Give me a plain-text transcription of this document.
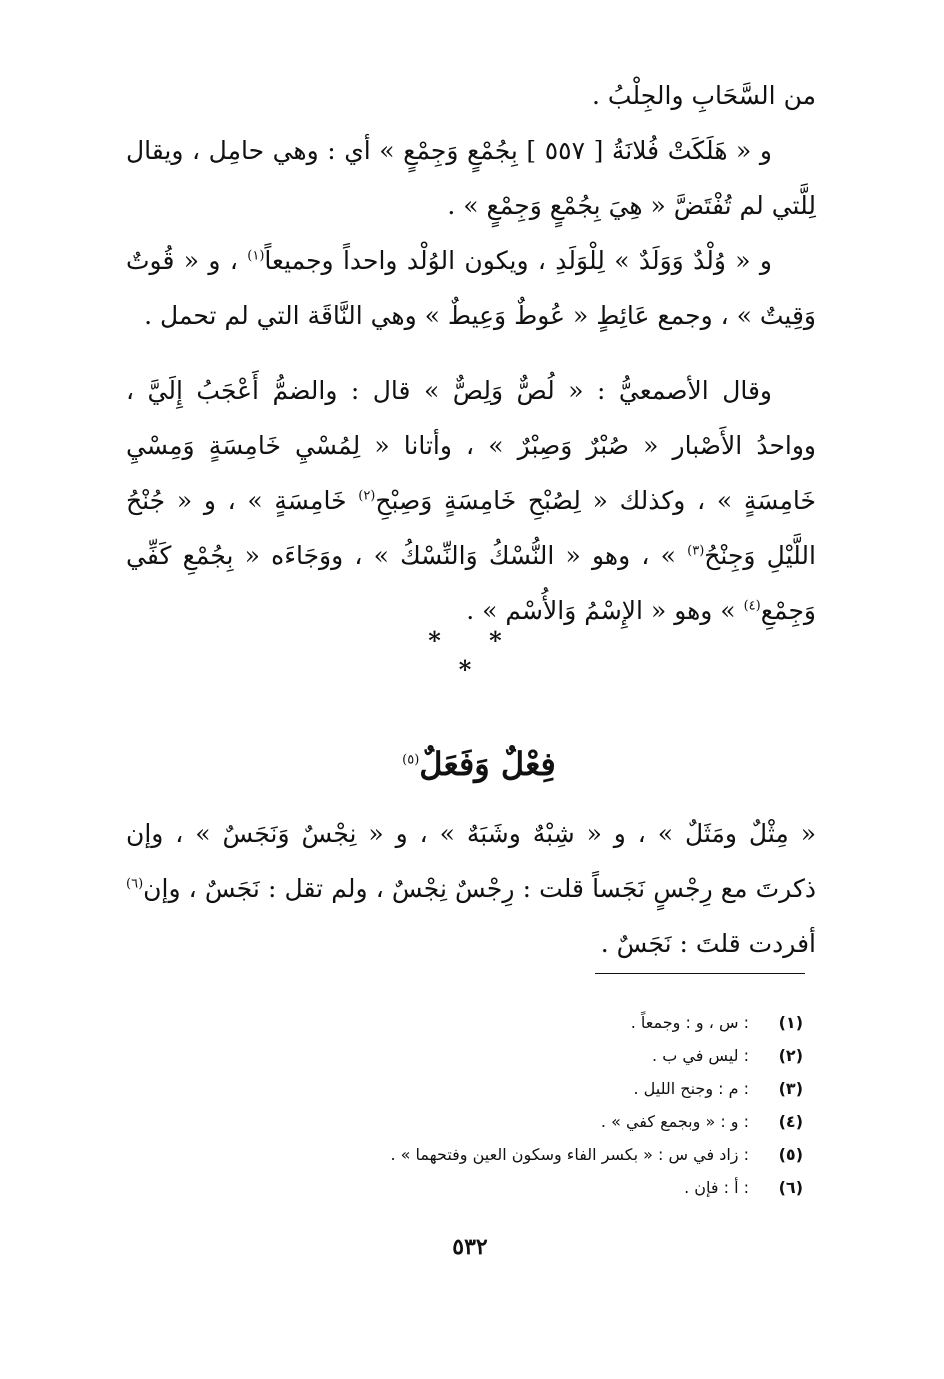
من السَّحَابِ والجِلْبُ .

و « هَلَكَتْ فُلانَةُ [ ٥٥٧ ] بِجُمْعٍ وَجِمْعٍ » أي : وهي حامِل ، ويقال لِلَّتي لم تُفْتَضَّ « هِيَ بِجُمْعٍ وَجِمْعٍ » .

و « وُلْدٌ وَوَلَدٌ » لِلْوَلَدِ ، ويكون الوُلْد واحداً وجميعاً$^{(١)}$ ، و « قُوتٌ وَقِيتٌ » ، وجمع عَائِطٍ « عُوطٌ وَعِيطٌ » وهي النَّاقَة التي لم تحمل .

وقال الأصمعيُّ : « لُصٌّ وَلِصٌّ » قال : والضمُّ أَعْجَبُ إِلَيَّ ، وواحدُ الأَصْبار « صُبْرٌ وَصِبْرٌ » ، وأتانا « لِمُسْيِ خَامِسَةٍ وَمِسْيِ خَامِسَةٍ » ، وكذلك « لِصُبْحِ خَامِسَةٍ وَصِبْحِ$^{(٢)}$ خَامِسَةٍ » ، و « جُنْحُ اللَّيْلِ وَجِنْحُ$^{(٣)}$ » ، وهو « النُّسْكُ وَالنِّسْكُ » ، ووَجَاءَه « بِجُمْعِ كَفِّي وَجِمْعِ$^{(٤)}$ » وهو « الإِسْمُ وَالأُسْم » .

* * *
فِعْلٌ وَفَعَلٌ$^{(٥)}$

« مِثْلٌ ومَثَلٌ » ، و « شِبْهٌ وشَبَهٌ » ، و « نِجْسٌ وَنَجَسٌ » ، وإن ذكرتَ مع رِجْسٍ نَجَساً قلت : رِجْسٌ نِجْسٌ ، ولم تقل : نَجَسٌ ، وإن$^{(٦)}$ أفردت قلتَ : نَجَسٌ .

(١)
: س ، و : وجمعاً .
(٢)
: ليس في ب .
(٣)
: م : وجنح الليل .
(٤)
: و : « وبجمع كفي » .
(٥)
: زاد في س : « بكسر الفاء وسكون العين وفتحهما » .
(٦)
: أ : فإن .
٥٣٢
